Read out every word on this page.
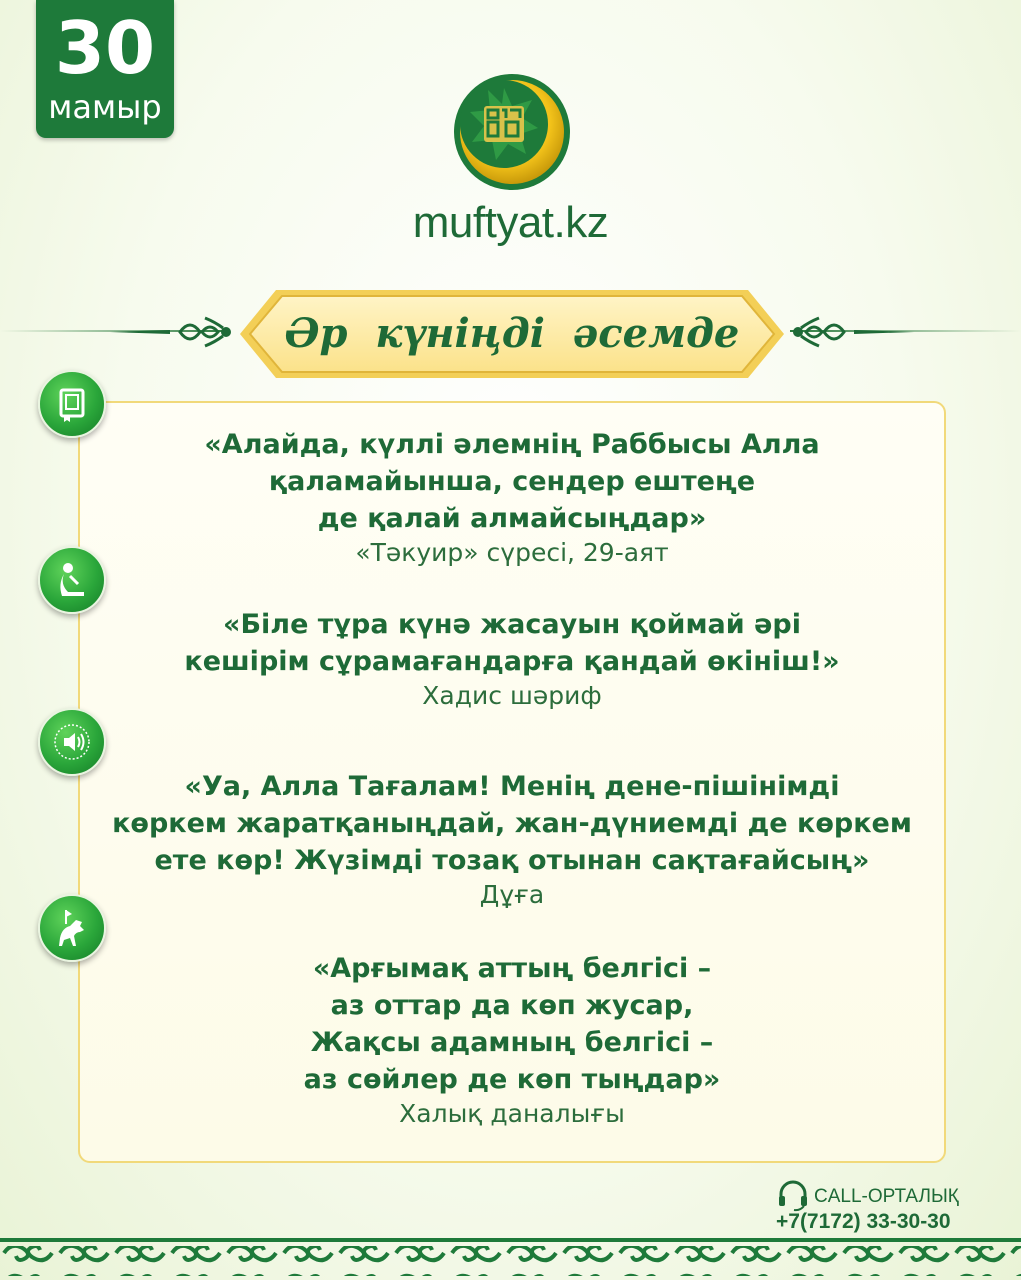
30
мамыр
muftyat.kz
Әр күніңді әсемде
«Алайда, күллі әлемнің Раббысы Алла
қаламайынша, сендер ештеңе
де қалай алмайсыңдар»
«Тәкуир» сүресі, 29-аят
«Біле тұра күнә жасауын қоймай әрі
кешірім сұрамағандарға қандай өкініш!»
Хадис шәриф
«Уа, Алла Тағалам! Менің дене-пішінімді
көркем жаратқаныңдай, жан-дүниемді де көркем
ете көр! Жүзімді тозақ отынан сақтағайсың»
Дұға
«Арғымақ аттың белгісі –
аз оттар да көп жусар,
Жақсы адамның белгісі –
аз сөйлер де көп тыңдар»
Халық даналығы
CALL-ОРТАЛЫҚ
+7(7172) 33-30-30
